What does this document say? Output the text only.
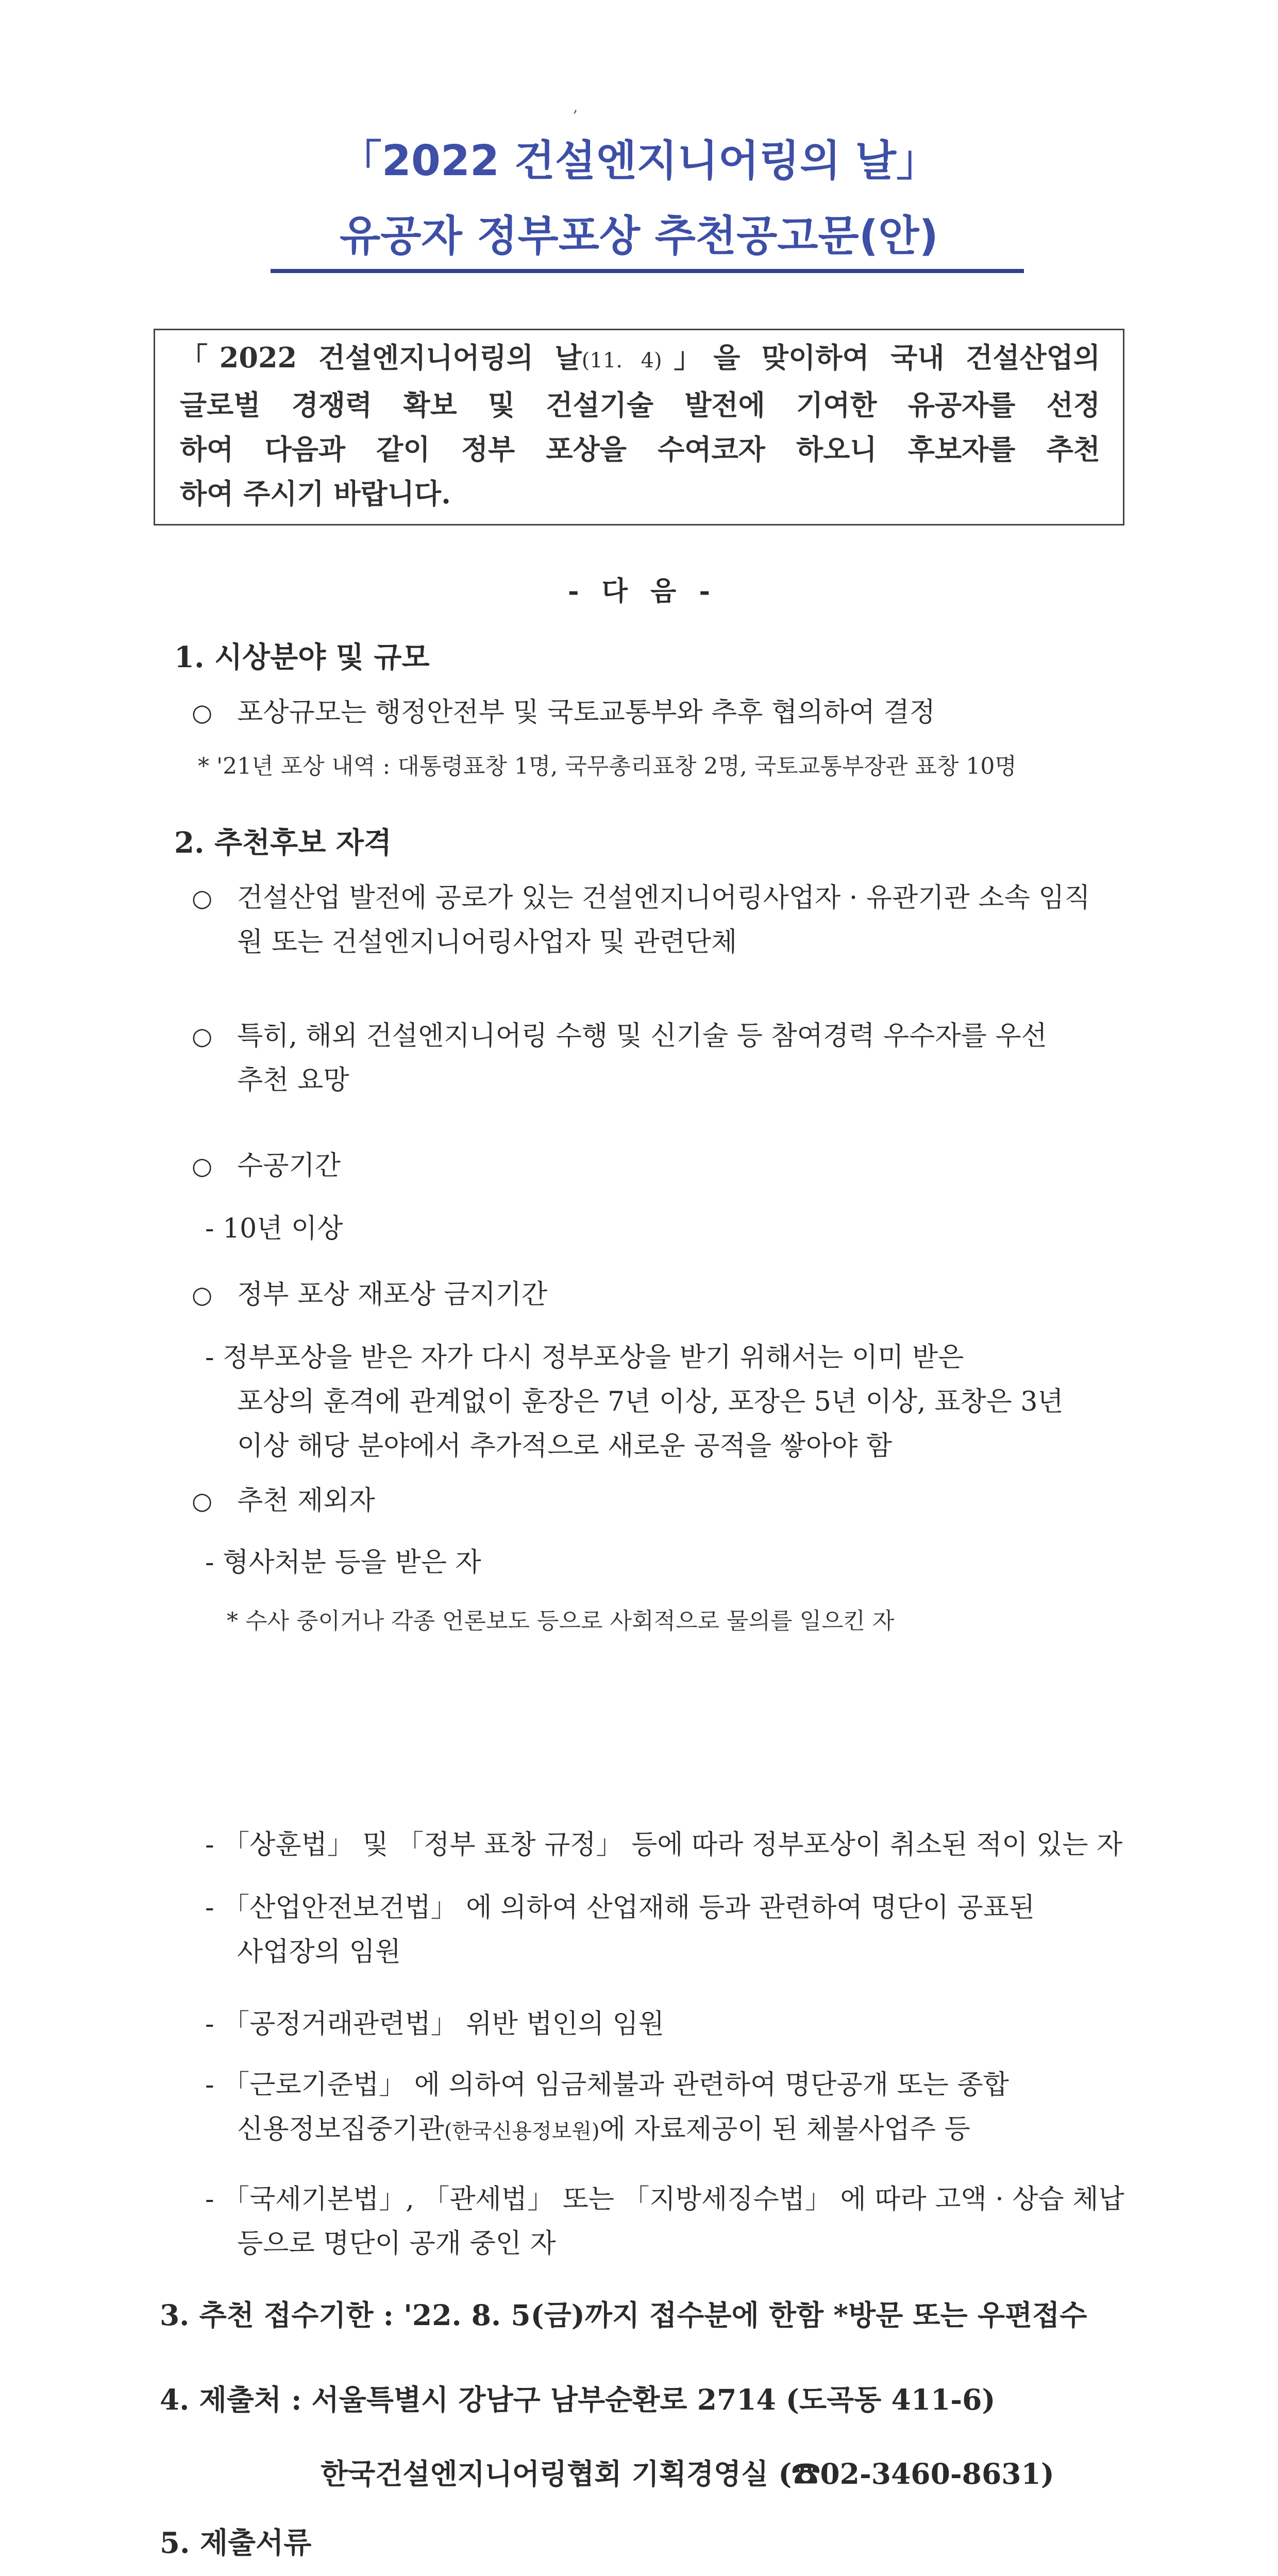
,
「2022 건설엔지니어링의 날」
유공자 정부포상 추천공고문(안)
「2022 건설엔지니어링의 날(11. 4)」을 맞이하여 국내 건설산업의
글로벌 경쟁력 확보 및 건설기술 발전에 기여한 유공자를 선정
하여 다음과 같이 정부 포상을 수여코자 하오니 후보자를 추천
하여 주시기 바랍니다.
- 다 음 -
1. 시상분야 및 규모
○ 포상규모는 행정안전부 및 국토교통부와 추후 협의하여 결정
* '21년 포상 내역 : 대통령표창 1명, 국무총리표창 2명, 국토교통부장관 표창 10명
2. 추천후보 자격
○ 건설산업 발전에 공로가 있는 건설엔지니어링사업자 · 유관기관 소속 임직
원 또는 건설엔지니어링사업자 및 관련단체
○ 특히, 해외 건설엔지니어링 수행 및 신기술 등 참여경력 우수자를 우선
추천 요망
○ 수공기간
- 10년 이상
○ 정부 포상 재포상 금지기간
- 정부포상을 받은 자가 다시 정부포상을 받기 위해서는 이미 받은
포상의 훈격에 관계없이 훈장은 7년 이상, 포장은 5년 이상, 표창은 3년
이상 해당 분야에서 추가적으로 새로운 공적을 쌓아야 함
○ 추천 제외자
- 형사처분 등을 받은 자
* 수사 중이거나 각종 언론보도 등으로 사회적으로 물의를 일으킨 자
- 「상훈법」 및 「정부 표창 규정」 등에 따라 정부포상이 취소된 적이 있는 자
- 「산업안전보건법」 에 의하여 산업재해 등과 관련하여 명단이 공표된
사업장의 임원
- 「공정거래관련법」 위반 법인의 임원
- 「근로기준법」 에 의하여 임금체불과 관련하여 명단공개 또는 종합
신용정보집중기관(한국신용정보원)에 자료제공이 된 체불사업주 등
- 「국세기본법」, 「관세법」 또는 「지방세징수법」 에 따라 고액 · 상습 체납
등으로 명단이 공개 중인 자
3. 추천 접수기한 : '22. 8. 5(금)까지 접수분에 한함 *방문 또는 우편접수
4. 제출처 : 서울특별시 강남구 남부순환로 2714 (도곡동 411-6)
한국건설엔지니어링협회 기획경영실 (☎02-3460-8631)
5. 제출서류
